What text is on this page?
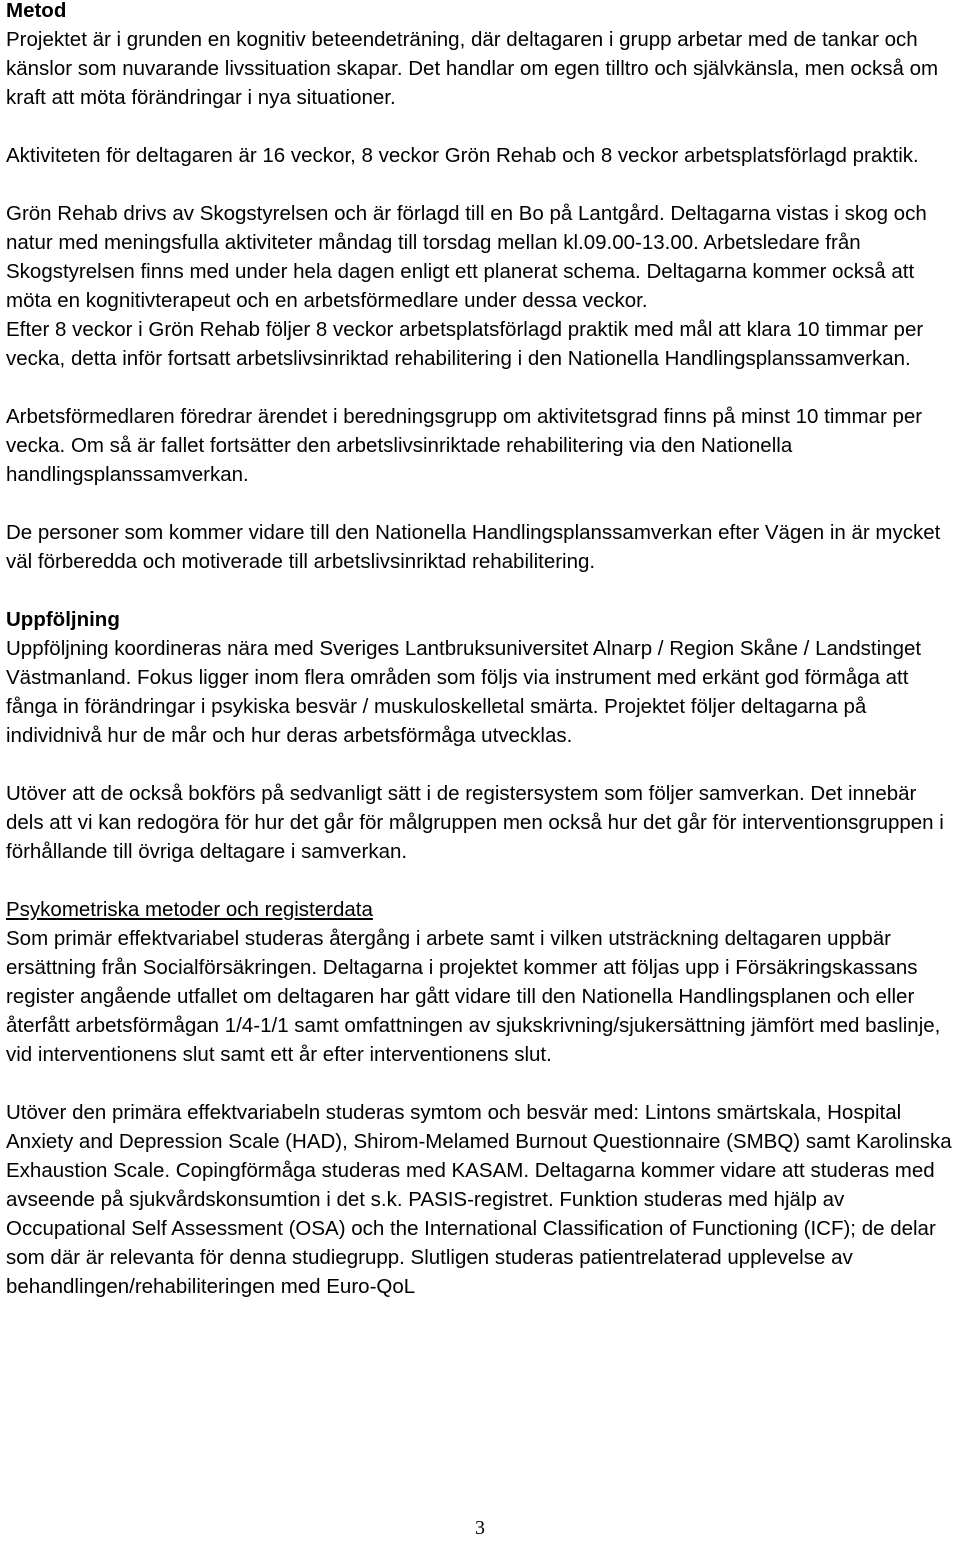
Metod

Projektet är i grunden en kognitiv beteendeträning, där deltagaren i grupp arbetar med de tankar och känslor som nuvarande livssituation skapar. Det handlar om egen tilltro och självkänsla, men också om kraft att möta förändringar i nya situationer.

Aktiviteten för deltagaren är 16 veckor, 8 veckor Grön Rehab och 8 veckor arbetsplatsförlagd praktik.

Grön Rehab drivs av Skogstyrelsen och är förlagd till en Bo på Lantgård. Deltagarna vistas i skog och natur med meningsfulla aktiviteter måndag till torsdag mellan kl.09.00-13.00. Arbetsledare från Skogstyrelsen finns med under hela dagen enligt ett planerat schema. Deltagarna kommer också att möta en kognitivterapeut och en arbetsförmedlare under dessa veckor.

Efter 8 veckor i Grön Rehab följer 8 veckor arbetsplatsförlagd praktik med mål att klara 10 timmar per vecka, detta inför fortsatt arbetslivsinriktad rehabilitering i den Nationella Handlingsplanssamverkan.

Arbetsförmedlaren föredrar ärendet i beredningsgrupp om aktivitetsgrad finns på minst 10 timmar per vecka. Om så är fallet fortsätter den arbetslivsinriktade rehabilitering via den Nationella handlingsplanssamverkan.

De personer som kommer vidare till den Nationella Handlingsplanssamverkan efter Vägen in är mycket väl förberedda och motiverade till arbetslivsinriktad rehabilitering.

Uppföljning

Uppföljning koordineras nära med Sveriges Lantbruksuniversitet Alnarp / Region Skåne / Landstinget Västmanland. Fokus ligger inom flera områden som följs via instrument med erkänt god förmåga att fånga in förändringar i psykiska besvär / muskuloskelletal smärta. Projektet följer deltagarna på individnivå hur de mår och hur deras arbetsförmåga utvecklas.

Utöver att de också bokförs på sedvanligt sätt i de registersystem som följer samverkan. Det innebär dels att vi kan redogöra för hur det går för målgruppen men också hur det går för interventionsgruppen i förhållande till övriga deltagare i samverkan.

Psykometriska metoder och registerdata

Som primär effektvariabel studeras återgång i arbete samt i vilken utsträckning deltagaren uppbär ersättning från Socialförsäkringen. Deltagarna i projektet kommer att följas upp i Försäkringskassans register angående utfallet om deltagaren har gått vidare till den Nationella Handlingsplanen och eller återfått arbetsförmågan 1/4-1/1 samt omfattningen av sjukskrivning/sjukersättning jämfört med baslinje, vid interventionens slut samt ett år efter interventionens slut.

Utöver den primära effektvariabeln studeras symtom och besvär med: Lintons smärtskala, Hospital Anxiety and Depression Scale (HAD), Shirom-Melamed Burnout Questionnaire (SMBQ) samt Karolinska Exhaustion Scale. Copingförmåga studeras med KASAM. Deltagarna kommer vidare att studeras med avseende på sjukvårdskonsumtion i det s.k. PASIS-registret. Funktion studeras med hjälp av Occupational Self Assessment (OSA) och the International Classification of Functioning (ICF); de delar som där är relevanta för denna studiegrupp. Slutligen studeras patientrelaterad upplevelse av behandlingen/rehabiliteringen med Euro-QoL

3
